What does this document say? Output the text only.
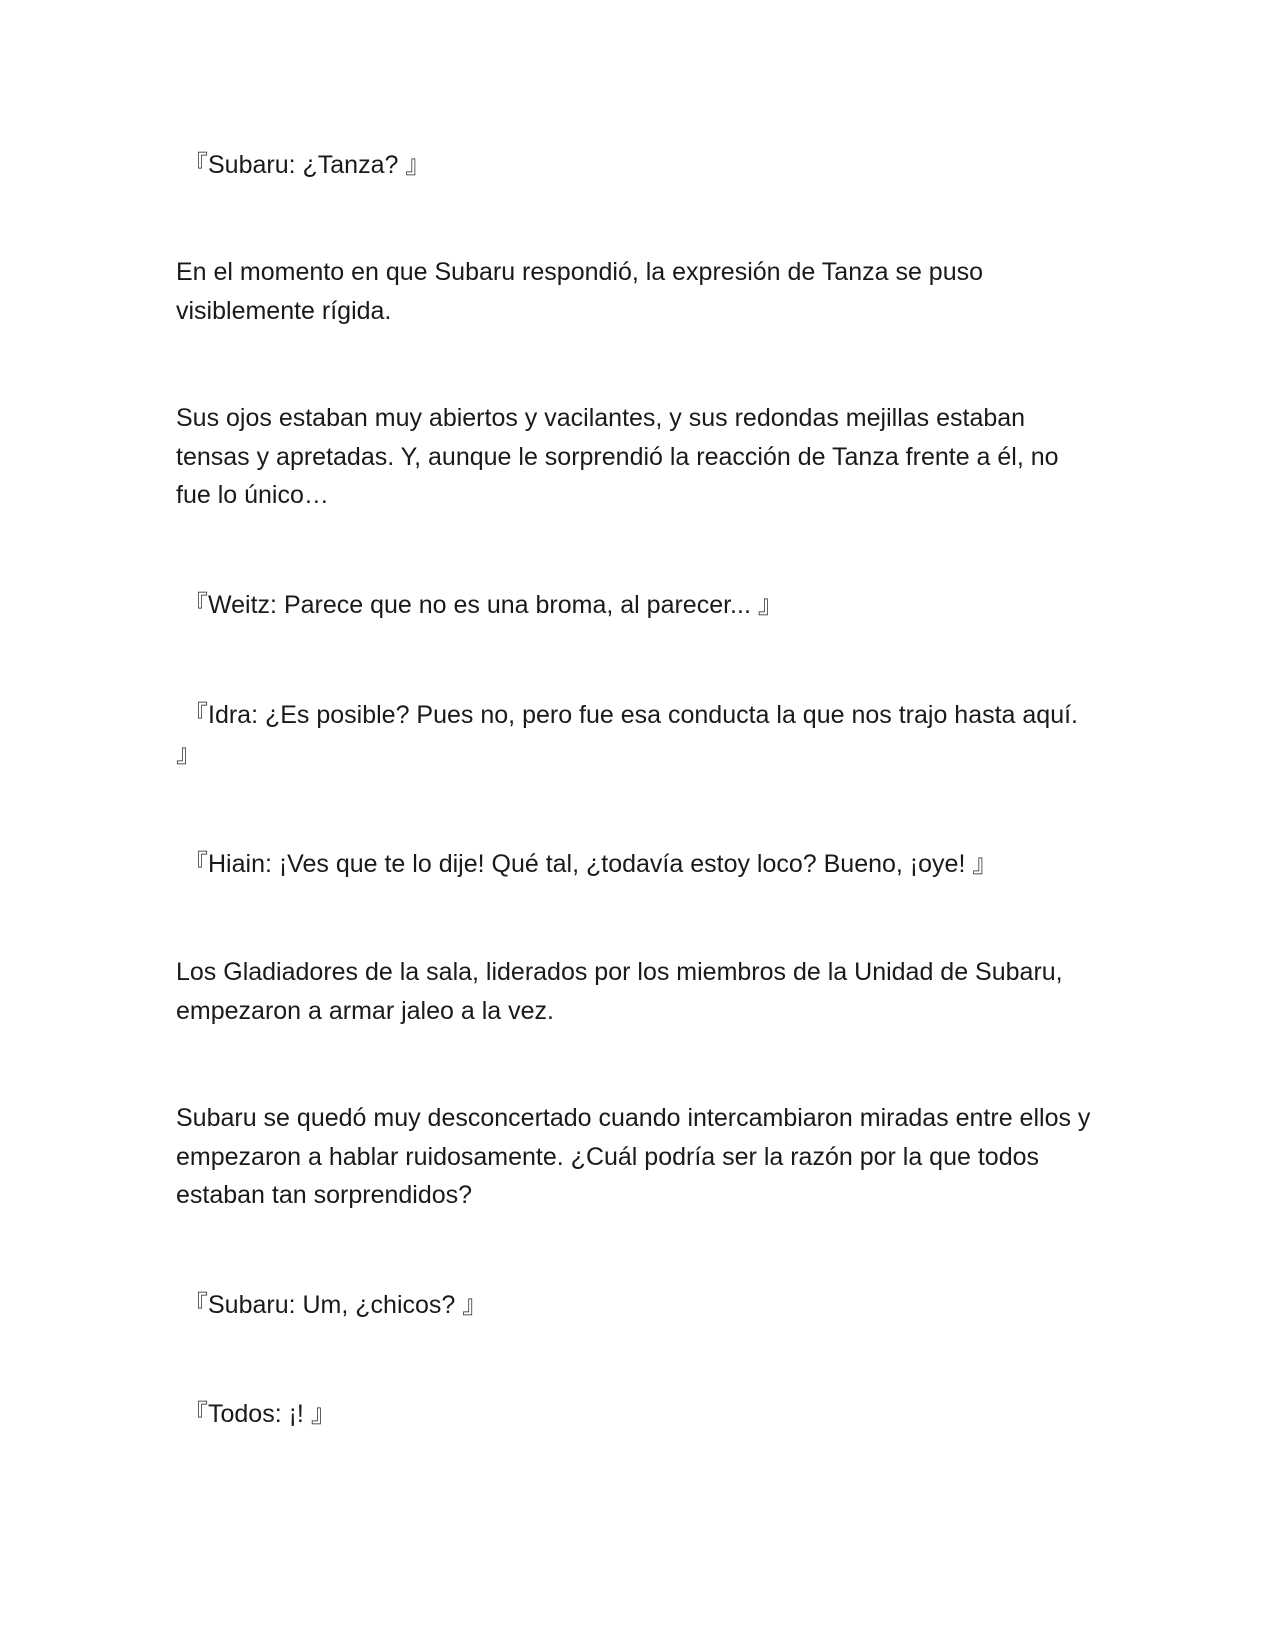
『Subaru: ¿Tanza? 』

En el momento en que Subaru respondió, la expresión de Tanza se puso visiblemente rígida.

Sus ojos estaban muy abiertos y vacilantes, y sus redondas mejillas estaban tensas y apretadas. Y, aunque le sorprendió la reacción de Tanza frente a él, no fue lo único…

『Weitz: Parece que no es una broma, al parecer... 』

『Idra: ¿Es posible? Pues no, pero fue esa conducta la que nos trajo hasta aquí. 』

『Hiain: ¡Ves que te lo dije! Qué tal, ¿todavía estoy loco? Bueno, ¡oye! 』

Los Gladiadores de la sala, liderados por los miembros de la Unidad de Subaru, empezaron a armar jaleo a la vez.

Subaru se quedó muy desconcertado cuando intercambiaron miradas entre ellos y empezaron a hablar ruidosamente. ¿Cuál podría ser la razón por la que todos estaban tan sorprendidos?

『Subaru: Um, ¿chicos? 』

『Todos: ¡! 』
